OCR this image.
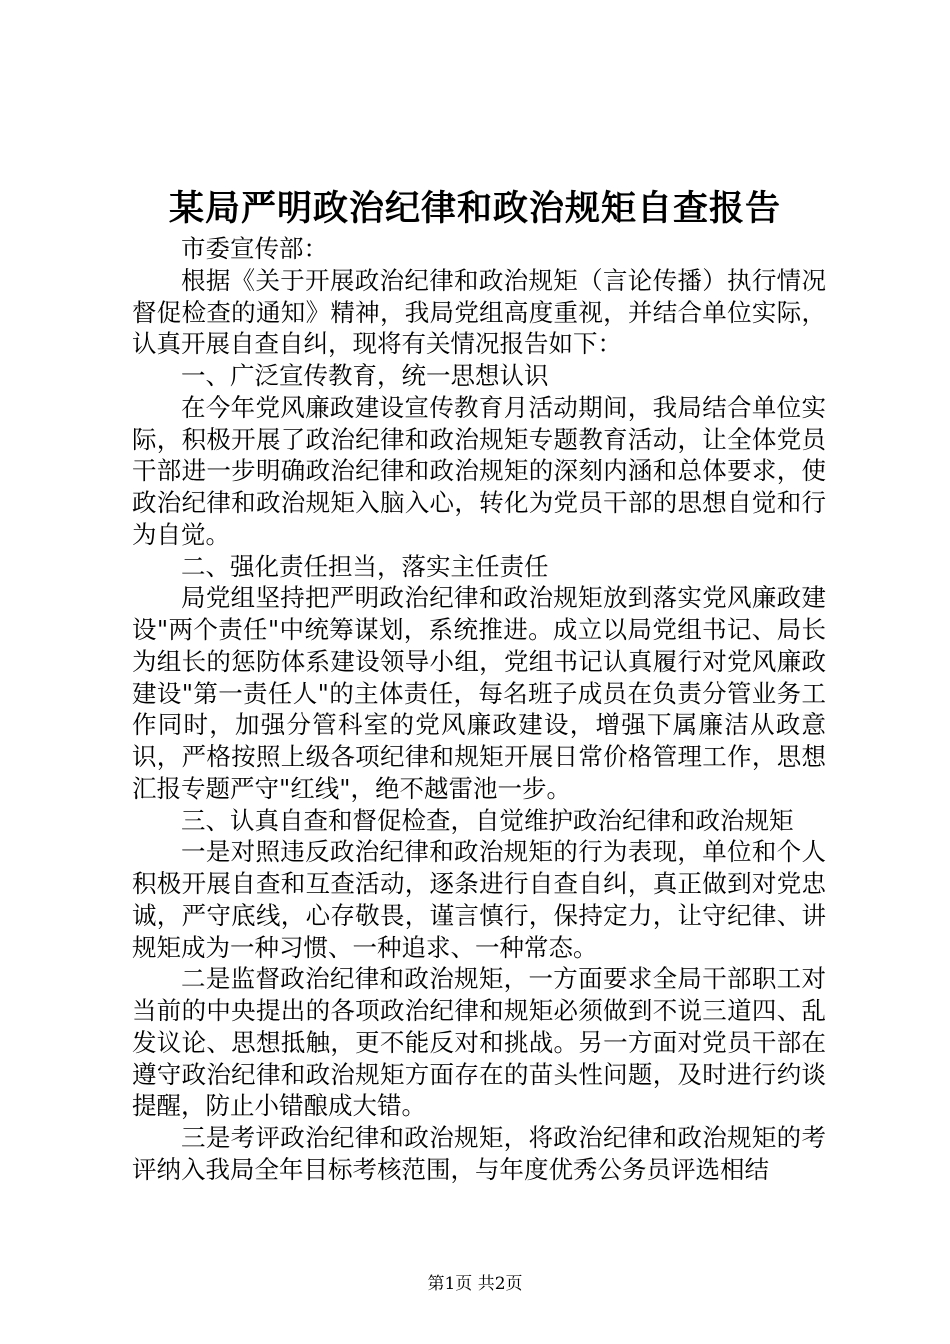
某局严明政治纪律和政治规矩自查报告

市委宣传部：

根据《关于开展政治纪律和政治规矩（言论传播）执行情况督促检查的通知》精神，我局党组高度重视，并结合单位实际，认真开展自查自纠，现将有关情况报告如下：

一、广泛宣传教育，统一思想认识

在今年党风廉政建设宣传教育月活动期间，我局结合单位实际，积极开展了政治纪律和政治规矩专题教育活动，让全体党员干部进一步明确政治纪律和政治规矩的深刻内涵和总体要求，使政治纪律和政治规矩入脑入心，转化为党员干部的思想自觉和行为自觉。

二、强化责任担当，落实主任责任

局党组坚持把严明政治纪律和政治规矩放到落实党风廉政建设"两个责任"中统筹谋划，系统推进。成立以局党组书记、局长为组长的惩防体系建设领导小组，党组书记认真履行对党风廉政建设"第一责任人"的主体责任，每名班子成员在负责分管业务工作同时，加强分管科室的党风廉政建设，增强下属廉洁从政意识，严格按照上级各项纪律和规矩开展日常价格管理工作，思想汇报专题严守"红线"，绝不越雷池一步。

三、认真自查和督促检查，自觉维护政治纪律和政治规矩

一是对照违反政治纪律和政治规矩的行为表现，单位和个人积极开展自查和互查活动，逐条进行自查自纠，真正做到对党忠诚，严守底线，心存敬畏，谨言慎行，保持定力，让守纪律、讲规矩成为一种习惯、一种追求、一种常态。

二是监督政治纪律和政治规矩，一方面要求全局干部职工对当前的中央提出的各项政治纪律和规矩必须做到不说三道四、乱发议论、思想抵触，更不能反对和挑战。另一方面对党员干部在遵守政治纪律和政治规矩方面存在的苗头性问题，及时进行约谈提醒，防止小错酿成大错。

三是考评政治纪律和政治规矩，将政治纪律和政治规矩的考评纳入我局全年目标考核范围，与年度优秀公务员评选相结

第1页 共2页
